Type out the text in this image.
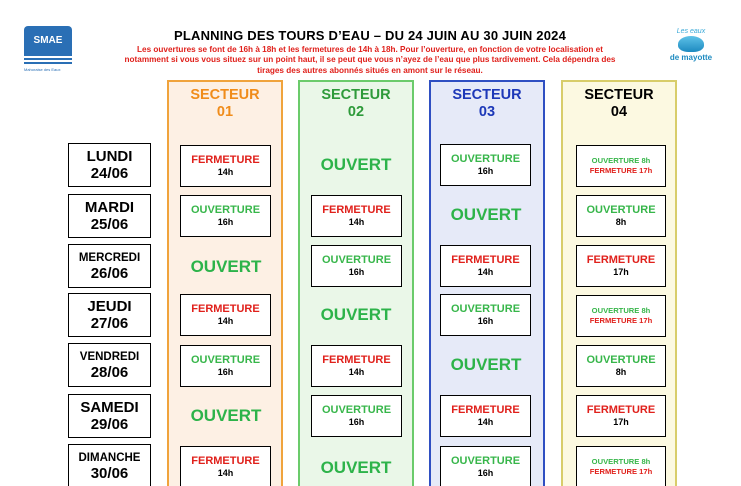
SMAE
Mahoraise des Eaux
PLANNING DES TOURS D’EAU – DU 24 JUIN AU 30 JUIN 2024
Les ouvertures se font de 16h à 18h et les fermetures de 14h à 18h. Pour l’ouverture, en fonction de votre localisation et
notamment si vous vous situez sur un point haut, il se peut que vous n’ayez de l’eau que plus tardivement. Cela dépendra des
tirages des autres abonnés situés en amont sur le réseau.
Les eaux
de mayotte
SECTEUR
01
SECTEUR
02
SECTEUR
03
SECTEUR
04
LUNDI
24/06
MARDI
25/06
MERCREDI
26/06
JEUDI
27/06
VENDREDI
28/06
SAMEDI
29/06
DIMANCHE
30/06
FERMETURE
14h
OUVERTURE
16h
OUVERT
FERMETURE
14h
OUVERTURE
16h
OUVERT
FERMETURE
14h
OUVERT
FERMETURE
14h
OUVERTURE
16h
OUVERT
FERMETURE
14h
OUVERTURE
16h
OUVERT
OUVERTURE
16h
OUVERT
FERMETURE
14h
OUVERTURE
16h
OUVERT
FERMETURE
14h
OUVERTURE
16h
OUVERTURE 8h
FERMETURE 17h
OUVERTURE
8h
FERMETURE
17h
OUVERTURE 8h
FERMETURE 17h
OUVERTURE
8h
FERMETURE
17h
OUVERTURE 8h
FERMETURE 17h
